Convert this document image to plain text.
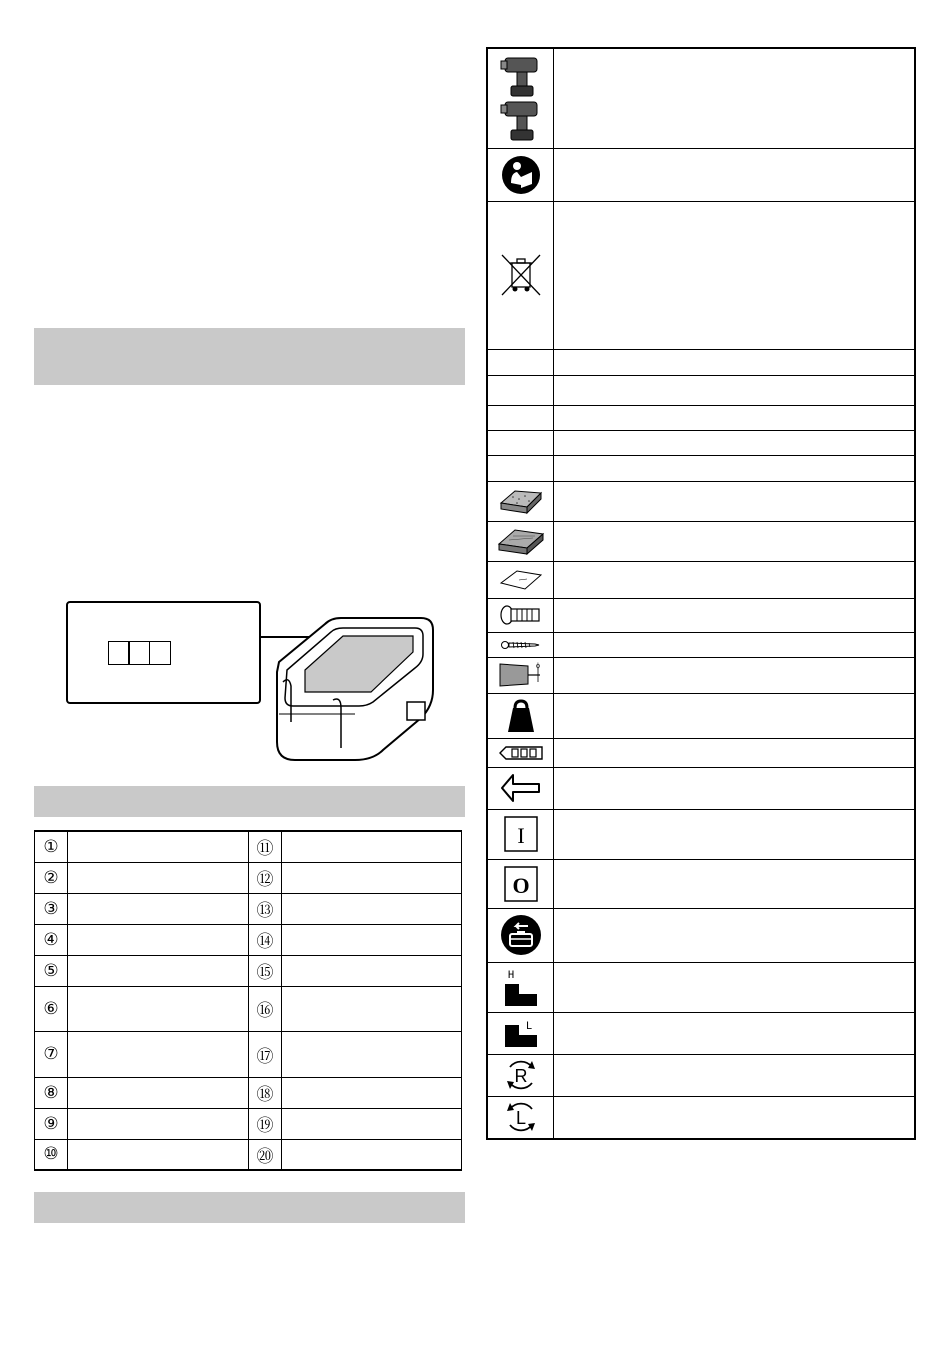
①		⑪	
②		⑫	
③		⑬	
④		⑭	
⑤		⑮	
⑥		⑯	
⑦		⑰	
⑧		⑱	
⑨		⑲	
⑩		⑳	

ϕ	

I	

O	

H	

L	

R	

L	
